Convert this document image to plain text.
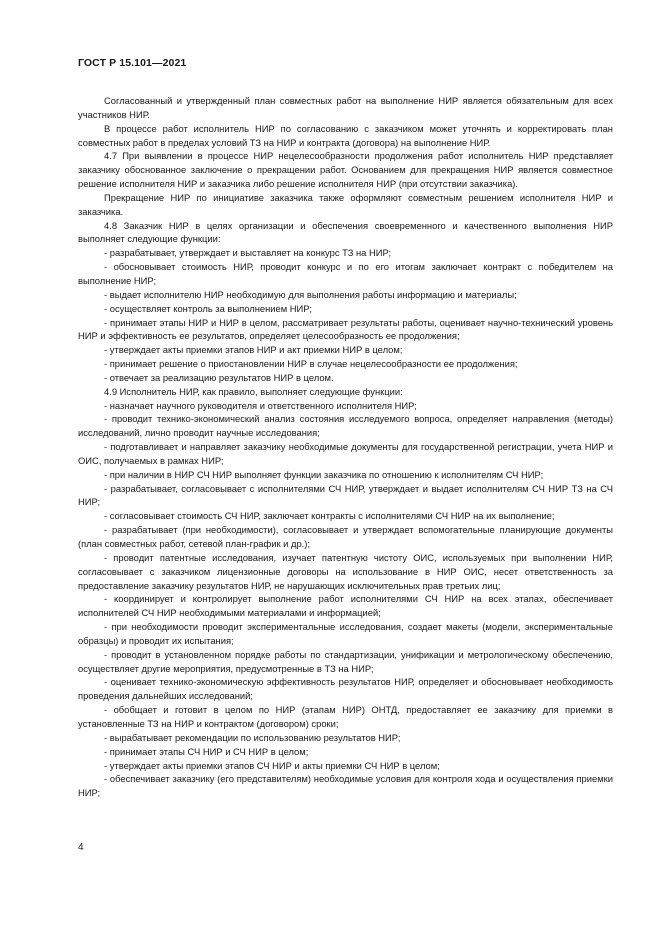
ГОСТ Р 15.101—2021

Согласованный и утвержденный план совместных работ на выполнение НИР является обязательным для всех участников НИР.

В процессе работ исполнитель НИР по согласованию с заказчиком может уточнять и корректировать план совместных работ в пределах условий ТЗ на НИР и контракта (договора) на выполнение НИР.

4.7 При выявлении в процессе НИР нецелесообразности продолжения работ исполнитель НИР представляет заказчику обоснованное заключение о прекращении работ. Основанием для прекращения НИР является совместное решение исполнителя НИР и заказчика либо решение исполнителя НИР (при отсутствии заказчика).

Прекращение НИР по инициативе заказчика также оформляют совместным решением исполнителя НИР и заказчика.

4.8 Заказчик НИР в целях организации и обеспечения своевременного и качественного выполнения НИР выполняет следующие функции:

- разрабатывает, утверждает и выставляет на конкурс ТЗ на НИР;

- обосновывает стоимость НИР, проводит конкурс и по его итогам заключает контракт с победителем на выполнение НИР;

- выдает исполнителю НИР необходимую для выполнения работы информацию и материалы;

- осуществляет контроль за выполнением НИР;

- принимает этапы НИР и НИР в целом, рассматривает результаты работы, оценивает научно-технический уровень НИР и эффективность ее результатов, определяет целесообразность ее продолжения;

- утверждает акты приемки этапов НИР и акт приемки НИР в целом;

- принимает решение о приостановлении НИР в случае нецелесообразности ее продолжения;

- отвечает за реализацию результатов НИР в целом.

4.9 Исполнитель НИР, как правило, выполняет следующие функции:

- назначает научного руководителя и ответственного исполнителя НИР;

- проводит технико-экономический анализ состояния исследуемого вопроса, определяет направления (методы) исследований, лично проводит научные исследования;

- подготавливает и направляет заказчику необходимые документы для государственной регистрации, учета НИР и ОИС, получаемых в рамках НИР;

- при наличии в НИР СЧ НИР выполняет функции заказчика по отношению к исполнителям СЧ НИР;

- разрабатывает, согласовывает с исполнителями СЧ НИР, утверждает и выдает исполнителям СЧ НИР ТЗ на СЧ НИР;

- согласовывает стоимость СЧ НИР, заключает контракты с исполнителями СЧ НИР на их выполнение;

- разрабатывает (при необходимости), согласовывает и утверждает вспомогательные планирующие документы (план совместных работ, сетевой план-график и др.);

- проводит патентные исследования, изучает патентную чистоту ОИС, используемых при выполнении НИР, согласовывает с заказчиком лицензионные договоры на использование в НИР ОИС, несет ответственность за предоставление заказчику результатов НИР, не нарушающих исключительных прав третьих лиц;

- координирует и контролирует выполнение работ исполнителями СЧ НИР на всех этапах, обеспечивает исполнителей СЧ НИР необходимыми материалами и информацией;

- при необходимости проводит экспериментальные исследования, создает макеты (модели, экспериментальные образцы) и проводит их испытания;

- проводит в установленном порядке работы по стандартизации, унификации и метрологическому обеспечению, осуществляет другие мероприятия, предусмотренные в ТЗ на НИР;

- оценивает технико-экономическую эффективность результатов НИР, определяет и обосновывает необходимость проведения дальнейших исследований;

- обобщает и готовит в целом по НИР (этапам НИР) ОНТД, предоставляет ее заказчику для приемки в установленные ТЗ на НИР и контрактом (договором) сроки;

- вырабатывает рекомендации по использованию результатов НИР;

- принимает этапы СЧ НИР и СЧ НИР в целом;

- утверждает акты приемки этапов СЧ НИР и акты приемки СЧ НИР в целом;

- обеспечивает заказчику (его представителям) необходимые условия для контроля хода и осуществления приемки НИР;

4
